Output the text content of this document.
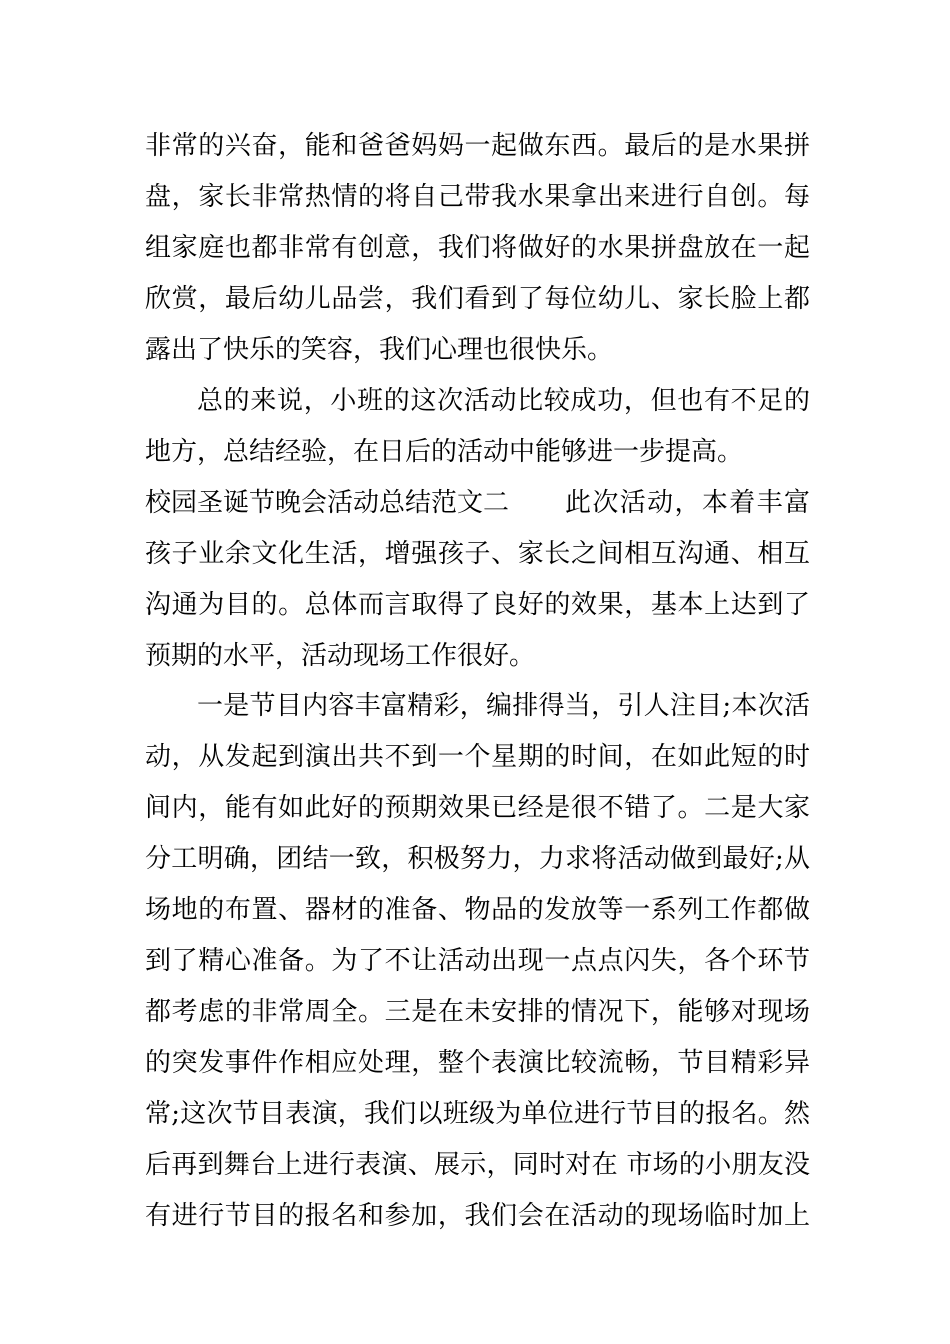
非常的兴奋，能和爸爸妈妈一起做东西。最后的是水果拼
盘，家长非常热情的将自己带我水果拿出来进行自创。每
组家庭也都非常有创意，我们将做好的水果拼盘放在一起
欣赏，最后幼儿品尝，我们看到了每位幼儿、家长脸上都
露出了快乐的笑容，我们心理也很快乐。
总的来说，小班的这次活动比较成功，但也有不足的
地方，总结经验，在日后的活动中能够进一步提高。
校园圣诞节晚会活动总结范文二 此次活动，本着丰富
孩子业余文化生活，增强孩子、家长之间相互沟通、相互
沟通为目的。总体而言取得了良好的效果，基本上达到了
预期的水平，活动现场工作很好。
一是节目内容丰富精彩，编排得当，引人注目;本次活
动，从发起到演出共不到一个星期的时间，在如此短的时
间内，能有如此好的预期效果已经是很不错了。二是大家
分工明确，团结一致，积极努力，力求将活动做到最好;从
场地的布置、器材的准备、物品的发放等一系列工作都做
到了精心准备。为了不让活动出现一点点闪失，各个环节
都考虑的非常周全。三是在未安排的情况下，能够对现场
的突发事件作相应处理，整个表演比较流畅，节目精彩异
常;这次节目表演，我们以班级为单位进行节目的报名。然
后再到舞台上进行表演、展示，同时对在 市场的小朋友没
有进行节目的报名和参加，我们会在活动的现场临时加上
